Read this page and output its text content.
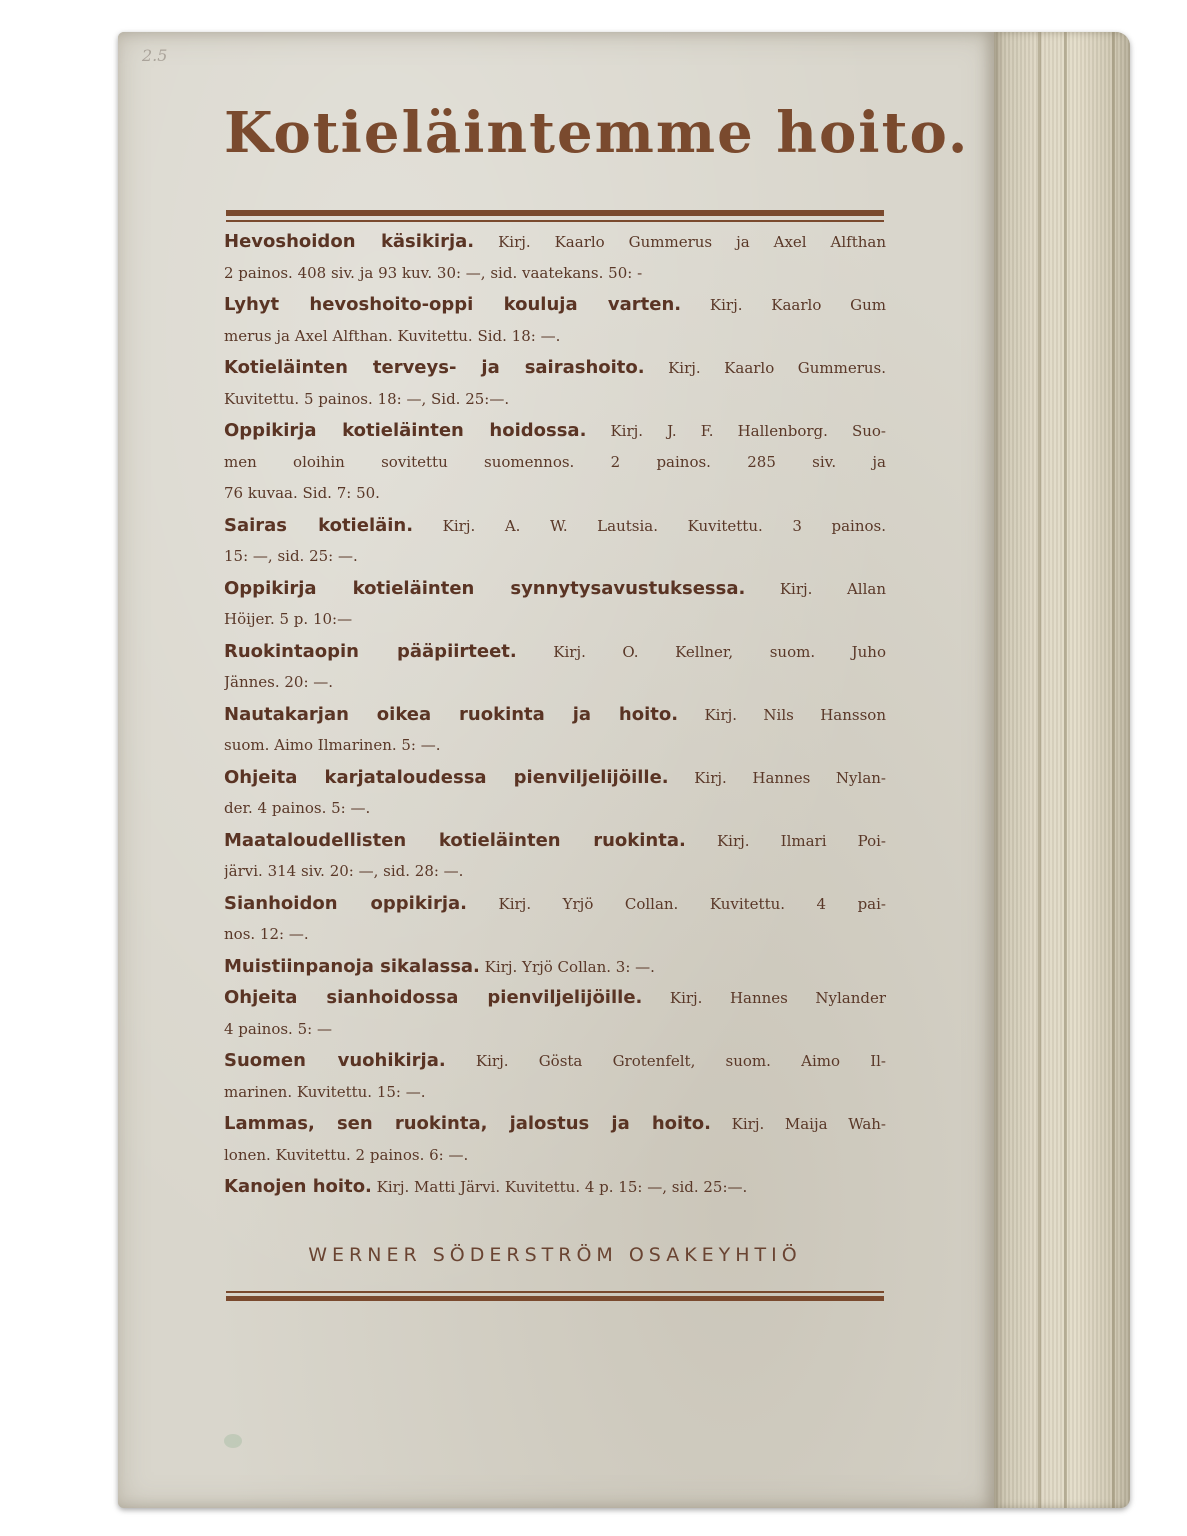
2.5
Kotieläintemme hoito.
Hevoshoidon käsikirja. Kirj. Kaarlo Gummerus ja Axel Alfthan
2 painos. 408 siv. ja 93 kuv. 30: —, sid. vaatekans. 50: -
Lyhyt hevoshoito-oppi kouluja varten. Kirj. Kaarlo Gum
merus ja Axel Alfthan. Kuvitettu. Sid. 18: —.
Kotieläinten terveys- ja sairashoito. Kirj. Kaarlo Gummerus.
Kuvitettu. 5 painos. 18: —, Sid. 25:—.
Oppikirja kotieläinten hoidossa. Kirj. J. F. Hallenborg. Suo-
men oloihin sovitettu suomennos. 2 painos. 285 siv. ja
76 kuvaa. Sid. 7: 50.
Sairas kotieläin. Kirj. A. W. Lautsia. Kuvitettu. 3 painos.
15: —, sid. 25: —.
Oppikirja kotieläinten synnytysavustuksessa. Kirj. Allan
Höijer. 5 p. 10:—
Ruokintaopin pääpiirteet. Kirj. O. Kellner, suom. Juho
Jännes. 20: —.
Nautakarjan oikea ruokinta ja hoito. Kirj. Nils Hansson
suom. Aimo Ilmarinen. 5: —.
Ohjeita karjataloudessa pienviljelijöille. Kirj. Hannes Nylan-
der. 4 painos. 5: —.
Maataloudellisten kotieläinten ruokinta. Kirj. Ilmari Poi-
järvi. 314 siv. 20: —, sid. 28: —.
Sianhoidon oppikirja. Kirj. Yrjö Collan. Kuvitettu. 4 pai-
nos. 12: —.
Muistiinpanoja sikalassa. Kirj. Yrjö Collan. 3: —.
Ohjeita sianhoidossa pienviljelijöille. Kirj. Hannes Nylander
4 painos. 5: —
Suomen vuohikirja. Kirj. Gösta Grotenfelt, suom. Aimo Il-
marinen. Kuvitettu. 15: —.
Lammas, sen ruokinta, jalostus ja hoito. Kirj. Maija Wah-
lonen. Kuvitettu. 2 painos. 6: —.
Kanojen hoito. Kirj. Matti Järvi. Kuvitettu. 4 p. 15: —, sid. 25:—.
WERNER SÖDERSTRÖM OSAKEYHTIÖ
